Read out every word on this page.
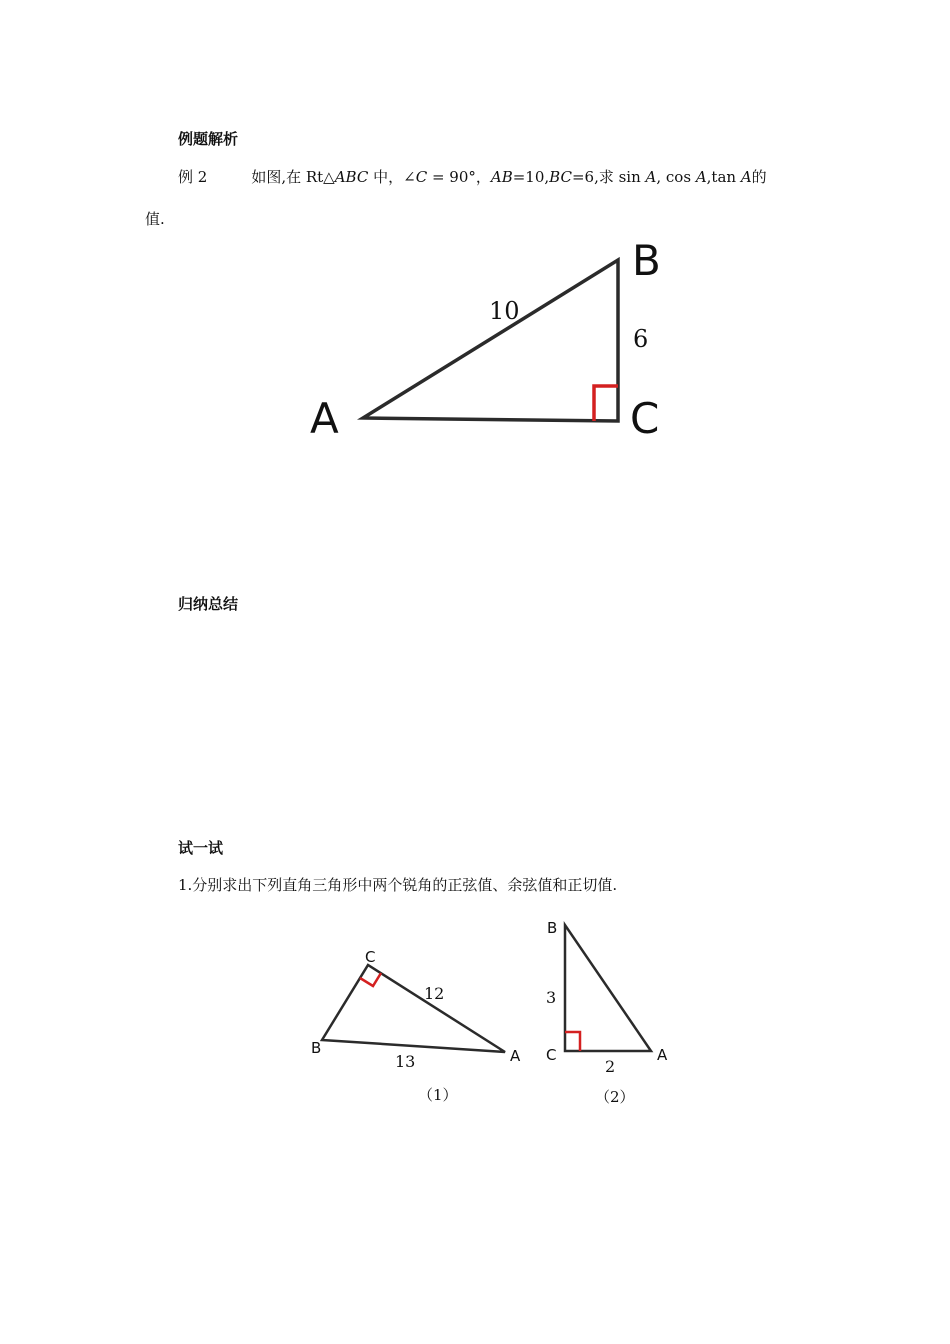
例题解析
例 2	如图,在 Rt△ABC 中，∠C = 90°，AB=10,BC=6,求 sin A, cos A,tan A的
值.
A
B
C
10
6
归纳总结
试一试
1.分别求出下列直角三角形中两个锐角的正弦值、余弦值和正切值.
C
B	A
12
13
（1）
B
C	A
3
2
（2）
